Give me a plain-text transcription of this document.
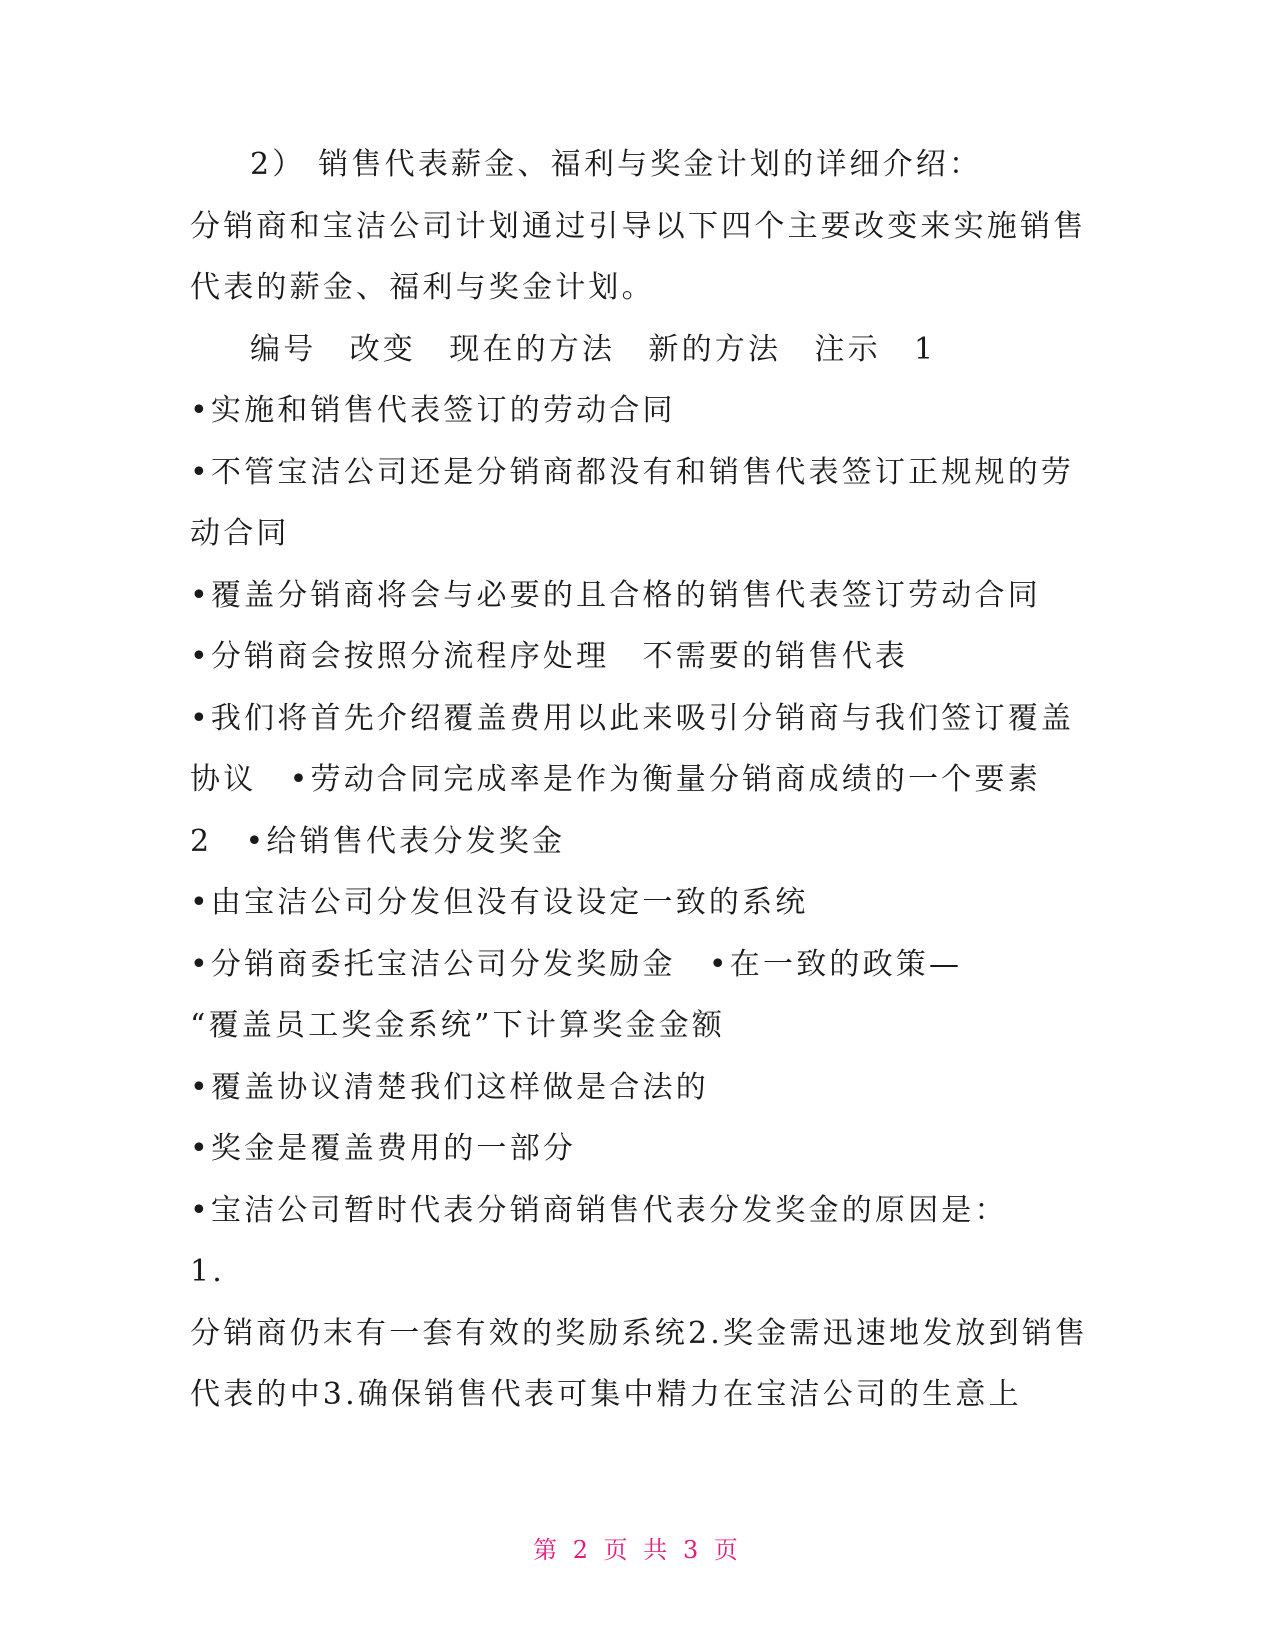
2） 销售代表薪金、福利与奖金计划的详细介绍：
分销商和宝洁公司计划通过引导以下四个主要改变来实施销售
代表的薪金、福利与奖金计划。
编号　改变　现在的方法　新的方法　注示　1
•实施和销售代表签订的劳动合同
•不管宝洁公司还是分销商都没有和销售代表签订正规规的劳
动合同
•覆盖分销商将会与必要的且合格的销售代表签订劳动合同
•分销商会按照分流程序处理　不需要的销售代表
•我们将首先介绍覆盖费用以此来吸引分销商与我们签订覆盖
协议　•劳动合同完成率是作为衡量分销商成绩的一个要素
2　•给销售代表分发奖金
•由宝洁公司分发但没有设设定一致的系统
•分销商委托宝洁公司分发奖励金　•在一致的政策—
“覆盖员工奖金系统”下计算奖金金额
•覆盖协议清楚我们这样做是合法的
•奖金是覆盖费用的一部分
•宝洁公司暂时代表分销商销售代表分发奖金的原因是：
1.
分销商仍末有一套有效的奖励系统2.奖金需迅速地发放到销售
代表的中3.确保销售代表可集中精力在宝洁公司的生意上
第 2 页 共 3 页
